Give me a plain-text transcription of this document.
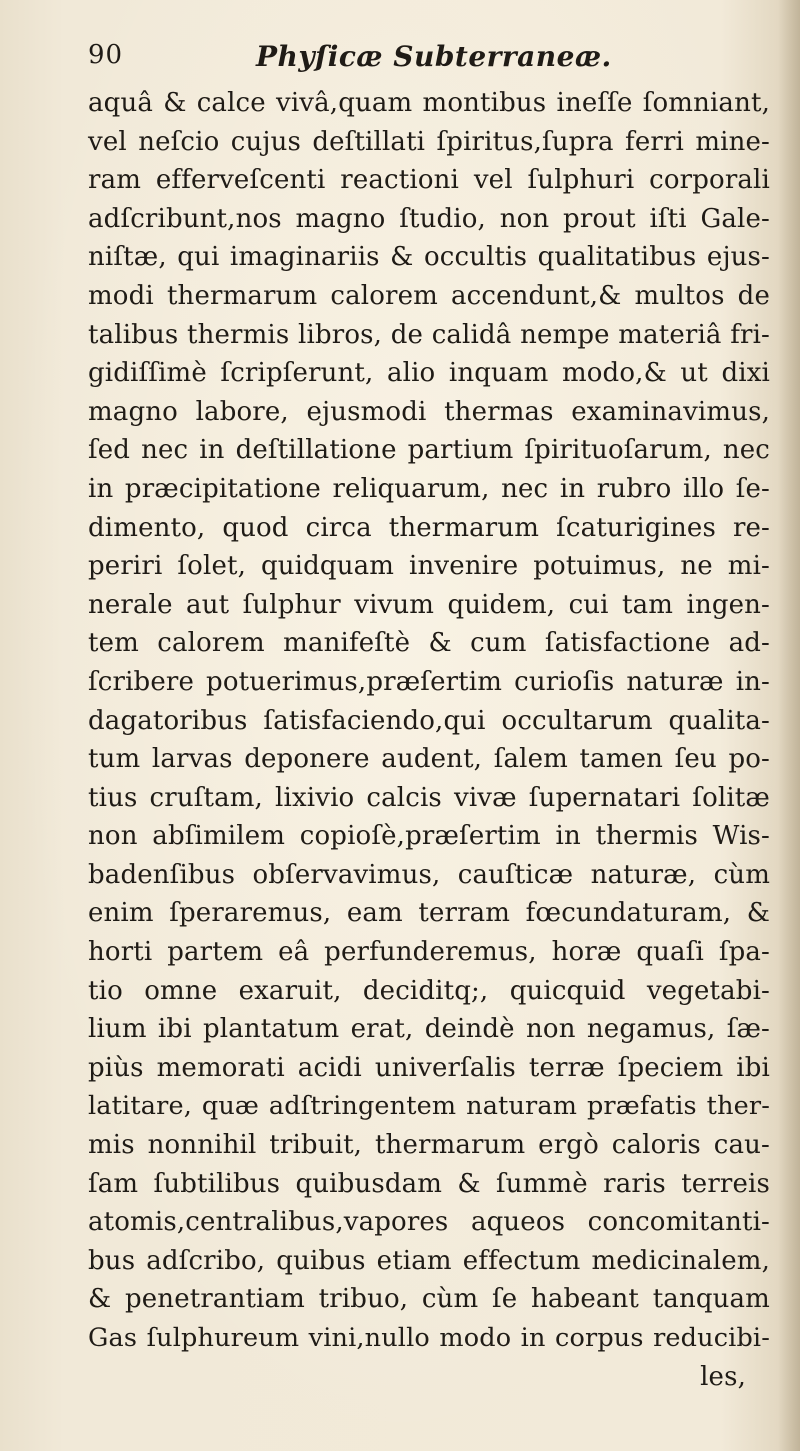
90	Phyſicæ Subterraneæ.
aquâ & calce vivâ,quam montibus ineſſe ſomniant,
vel neſcio cujus deſtillati ſpiritus,ſupra ferri mine-
ram efferveſcenti reactioni vel ſulphuri corporali
adſcribunt,nos magno ſtudio, non prout iſti Gale-
niſtæ, qui imaginariis & occultis qualitatibus ejus-
modi thermarum calorem accendunt,& multos de
talibus thermis libros, de calidâ nempe materiâ fri-
gidiſſimè ſcripſerunt, alio inquam modo,& ut dixi
magno labore, ejusmodi thermas examinavimus,
ſed nec in deſtillatione partium ſpirituoſarum, nec
in præcipitatione reliquarum, nec in rubro illo ſe-
dimento, quod circa thermarum ſcaturigines re-
periri ſolet, quidquam invenire potuimus, ne mi-
nerale aut ſulphur vivum quidem, cui tam ingen-
tem calorem manifeſtè & cum ſatisfactione ad-
ſcribere potuerimus,præſertim curioſis naturæ in-
dagatoribus ſatisfaciendo,qui occultarum qualita-
tum larvas deponere audent, ſalem tamen ſeu po-
tius cruſtam, lixivio calcis vivæ ſupernatari ſolitæ
non abſimilem copioſè,præſertim in thermis Wis-
badenſibus obſervavimus, cauſticæ naturæ, cùm
enim ſperaremus, eam terram fœcundaturam, &
horti partem eâ perfunderemus, horæ quaſi ſpa-
tio omne exaruit, deciditq;, quicquid vegetabi-
lium ibi plantatum erat, deindè non negamus, ſæ-
piùs memorati acidi univerſalis terræ ſpeciem ibi
latitare, quæ adſtringentem naturam præfatis ther-
mis nonnihil tribuit, thermarum ergò caloris cau-
ſam ſubtilibus quibusdam & ſummè raris terreis
atomis,centralibus,vapores aqueos concomitanti-
bus adſcribo, quibus etiam effectum medicinalem,
& penetrantiam tribuo, cùm ſe habeant tanquam
Gas ſulphureum vini,nullo modo in corpus reducibi-
les,
